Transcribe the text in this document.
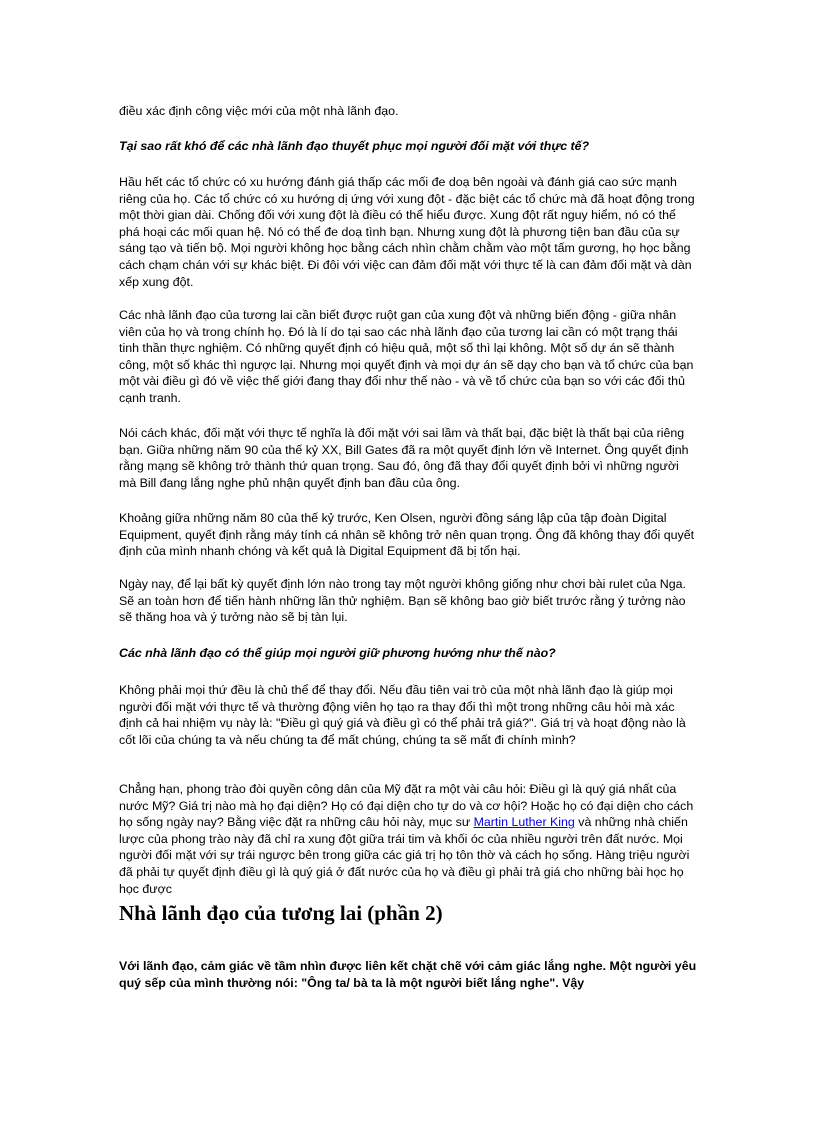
điều xác định công việc mới của một nhà lãnh đạo.

Tại sao rất khó để các nhà lãnh đạo thuyết phục mọi người đối mặt với thực tế?

Hầu hết các tổ chức có xu hướng đánh giá thấp các mối đe doạ bên ngoài và đánh giá cao sức mạnh riêng của họ. Các tổ chức có xu hướng dị ứng với xung đột - đặc biệt các tổ chức mà đã hoạt động trong một thời gian dài. Chống đối với xung đột là điều có thể hiểu được. Xung đột rất nguy hiểm, nó có thể phá hoại các mối quan hệ. Nó có thể đe doạ tình bạn. Nhưng xung đột là phương tiện ban đầu của sự sáng tạo và tiến bộ. Mọi người không học bằng cách nhìn chằm chằm vào một tấm gương, họ học bằng cách chạm chán với sự khác biệt. Đi đôi với việc can đảm đối mặt với thực tế là can đảm đối mặt và dàn xếp xung đột.

Các nhà lãnh đạo của tương lai cần biết được ruột gan của xung đột và những biến động - giữa nhân viên của họ và trong chính họ. Đó là lí do tại sao các nhà lãnh đạo của tương lai cần có một trạng thái tinh thần thực nghiệm. Có những quyết định có hiệu quả, một số thì lại không. Một số dự án sẽ thành công, một số khác thì ngược lại. Nhưng mọi quyết định và mọi dự án sẽ dạy cho bạn và tổ chức của bạn một vài điều gì đó về việc thế giới đang thay đổi như thế nào - và về tổ chức của bạn so với các đối thủ cạnh tranh.

Nói cách khác, đối mặt với thực tế nghĩa là đối mặt với sai lầm và thất bại, đặc biệt là thất bại của riêng bạn. Giữa những năm 90 của thế kỷ XX, Bill Gates đã ra một quyết định lớn về Internet. Ông quyết định rằng mạng sẽ không trở thành thứ quan trọng. Sau đó, ông đã thay đổi quyết định bởi vì những người mà Bill đang lắng nghe phủ nhận quyết định ban đầu của ông.

Khoảng giữa những năm 80 của thế kỷ trước, Ken Olsen, người đồng sáng lập của tập đoàn Digital Equipment, quyết định rằng máy tính cá nhân sẽ không trở nên quan trọng. Ông đã không thay đổi quyết định của mình nhanh chóng và kết quả là Digital Equipment đã bị tổn hại.

Ngày nay, để lại bất kỳ quyết định lớn nào trong tay một người không giống như chơi bài rulet của Nga. Sẽ an toàn hơn để tiến hành những lần thử nghiệm. Bạn sẽ không bao giờ biết trước rằng ý tưởng nào sẽ thăng hoa và ý tưởng nào sẽ bị tàn lụi.

Các nhà lãnh đạo có thể giúp mọi người giữ phương hướng như thế nào?

Không phải mọi thứ đều là chủ thể để thay đổi. Nếu đầu tiên vai trò của một nhà lãnh đạo là giúp mọi người đối mặt với thực tế và thường động viên họ tạo ra thay đổi thì một trong những câu hỏi mà xác định cả hai nhiệm vụ này là: "Điều gì quý giá và điều gì có thể phải trả giá?". Giá trị và hoạt động nào là cốt lõi của chúng ta và nếu chúng ta để mất chúng, chúng ta sẽ mất đi chính mình?

Chẳng hạn, phong trào đòi quyền công dân của Mỹ đặt ra một vài câu hỏi: Điều gì là quý giá nhất của nước Mỹ? Giá trị nào mà họ đại diện? Họ có đại diện cho tự do và cơ hội? Hoặc họ có đại diện cho cách họ sống ngày nay? Bằng việc đặt ra những câu hỏi này, mục sư Martin Luther King và những nhà chiến lược của phong trào này đã chỉ ra xung đột giữa trái tim và khối óc của nhiều người trên đất nước. Mọi người đối mặt với sự trái ngược bên trong giữa các giá trị họ tôn thờ và cách họ sống. Hàng triệu người đã phải tự quyết định điều gì là quý giá ở đất nước của họ và điều gì phải trả giá cho những bài học họ học được

Nhà lãnh đạo của tương lai (phần 2)

Với lãnh đạo, cảm giác về tầm nhìn được liên kết chặt chẽ với cảm giác lắng nghe. Một người yêu quý sếp của mình thường nói: "Ông ta/ bà ta là một người biết lắng nghe". Vậy
